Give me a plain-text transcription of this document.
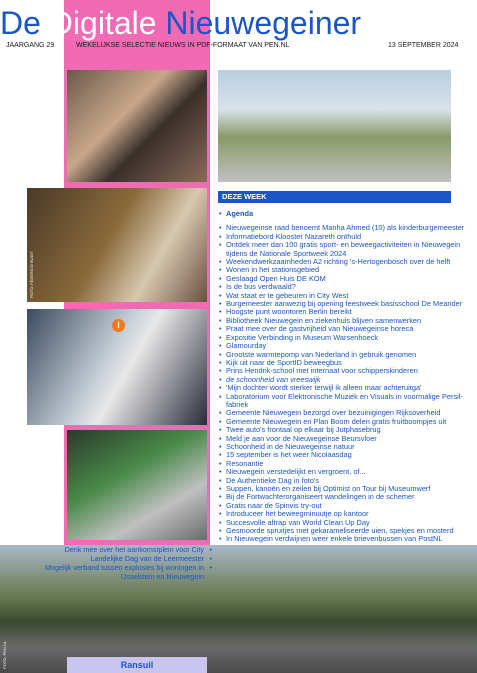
De Digitale Nieuwegeiner
JAARGANG 29	WEKELIJKSE SELECTIE NIEUWS IN PDF-FORMAAT VAN PEN.NL	13 SEPTEMBER 2024
FOTO: FEDERICO BUDIT
i
FOTO: PEN.NL
DEZE WEEK
• Agenda
• Nieuwegeinse raad benoemt Manha Ahmed (10) als kinderburgemeester
• Informatiebord Klooster Nazareth onthuld
• Ontdek meer dan 100 gratis sport- en beweegactiviteiten in Nieuwegein tijdens de Nationale Sportweek 2024
• Weekendwerkzaamheden A2 richting 's-Hertogenbosch over de helft
• Wonen in het stationsgebied
• Geslaagd Open Huis DE KOM
• Is de bus verdwaald?
• Wat staat er te gebeuren in City West
• Burgemeester aanwezig bij opening feestweek basisschool De Meander
• Hoogste punt woontoren Berlin bereikt
• Bibliotheek Nieuwegein en ziekenhuis blijven samenwerken
• Praat mee over de gastvrijheid van Nieuwegeinse horeca
• Expositie Verbinding in Museum Warsenhoeck
• Glamourday
• Grootste warmtepomp van Nederland in gebruik genomen
• Kijk uit naar de SportID beweegbus
• Prins Hendrik-school met internaat voor schipperskinderen
• de schoonheid van vreeswijk
• 'Mijn dochter wordt sterker terwijl ik alleen maar achteruitga'
• Laboratorium voor Elektronische Muziek en Visuals in voormalige Persil-fabriek
• Gemeente Nieuwegein bezorgd over bezuinigingen Rijksoverheid
• Gemeente Nieuwegein en Plan Boom delen gratis fruitboompjes uit
• Twee auto's frontaal op elkaar bij Jutphasebrug
• Meld je aan voor de Nieuwegeinse Beursvloer
• Schoonheid in de Nieuwegeinse natuur
• 15 september is het weer Nicolaasdag
• Resonantie
• Nieuwegein verstedelijkt en vergroent, of...
• De Authentieke Dag in foto's
• Suppen, kanoën en zeilen bij Optimist on Tour bij Museumwerf
• Bij de Fortwachterorganiseert wandelingen in de schemer
• Gratis naar de Spinvis try-out
• Introduceer het beweegminuutje op kantoor
• Succesvolle aftrap van World Clean Up Day
• Gesmoorde spruitjes met gekarameliseerde uien, spekjes en mosterd
• In Nieuwegein verdwijnen weer enkele brievenbussen van PostNL
Denk mee over het aankomstplein voor City •
Landelijke Dag van de Leermeester •
Mogelijk verband tussen explosies bij woningen in IJsselstein en Nieuwegein •
Ransuil
